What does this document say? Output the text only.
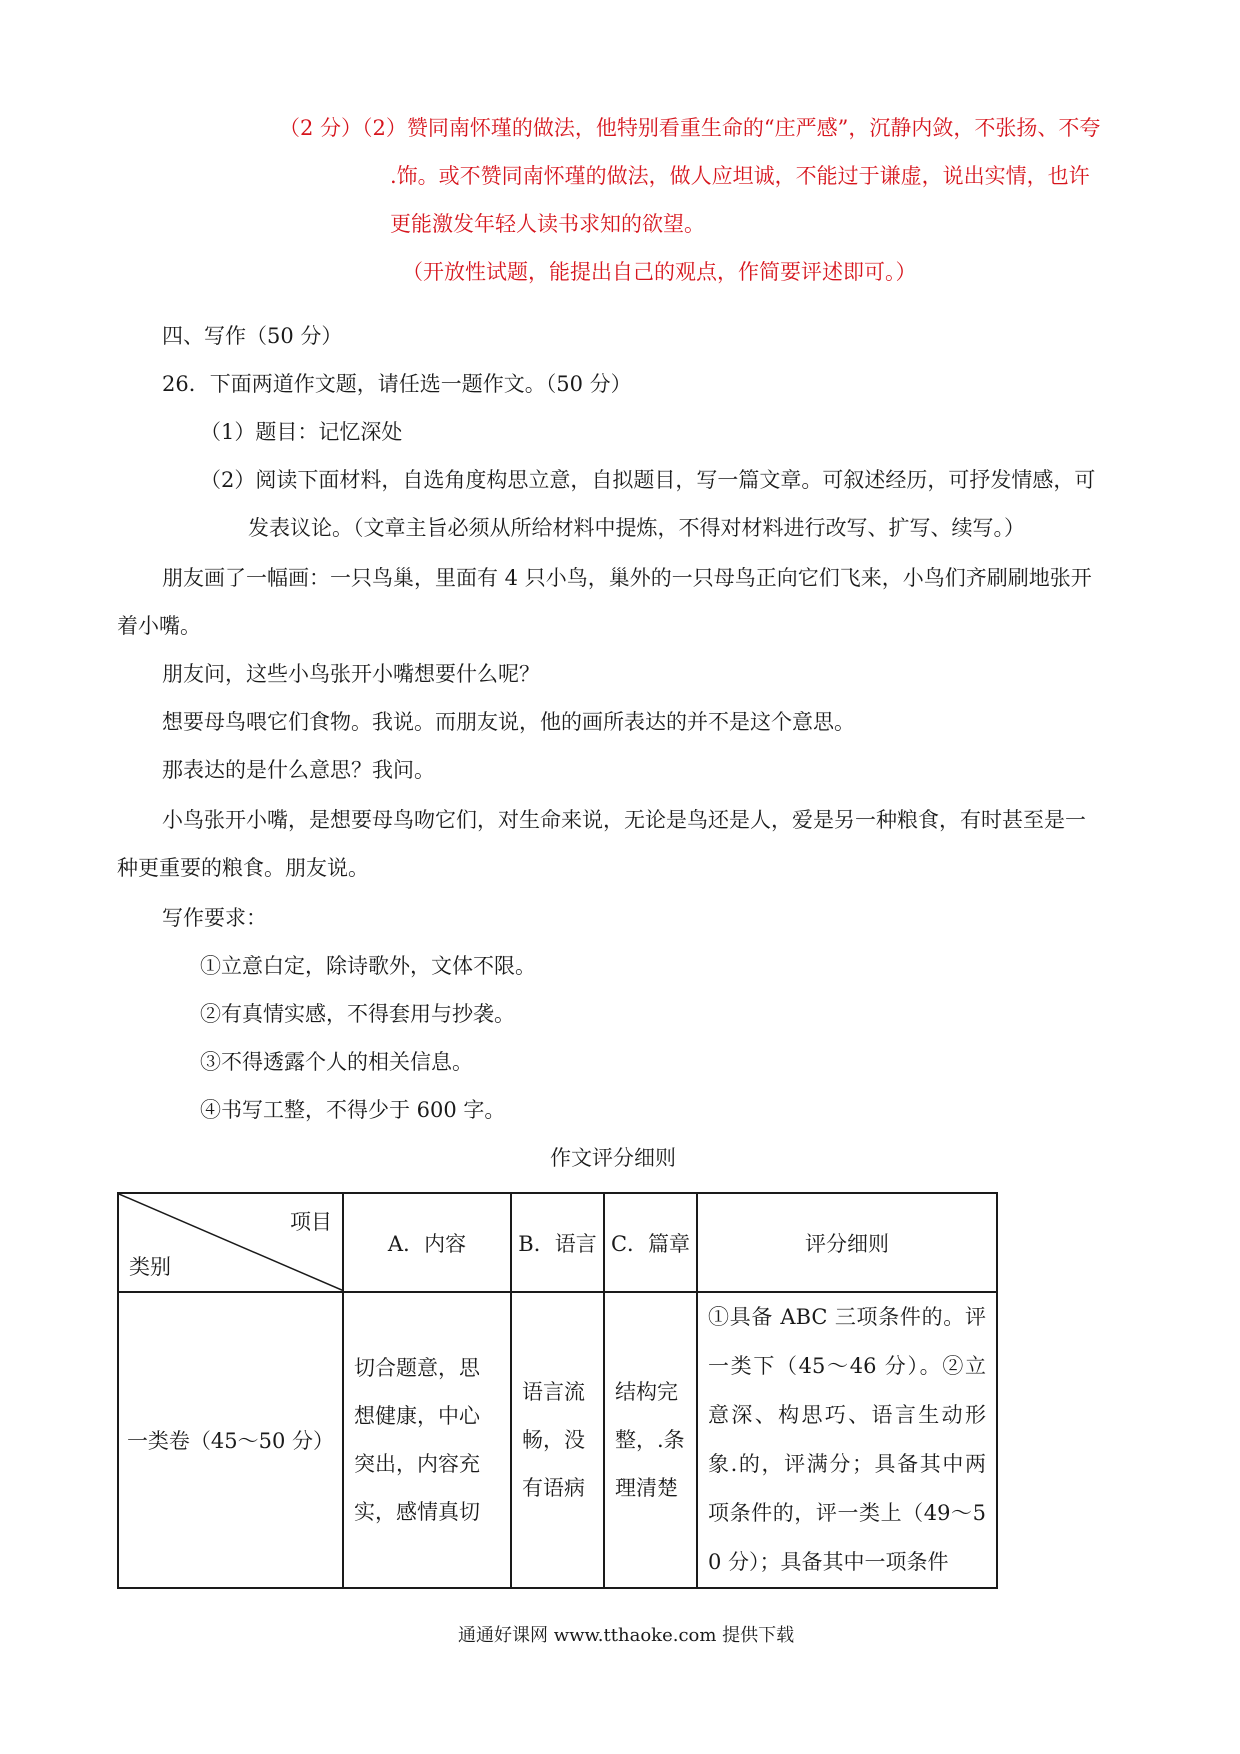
（2 分）（2）赞同南怀瑾的做法，他特别看重生命的“庄严感”，沉静内敛，不张扬、不夸
.饰。或不赞同南怀瑾的做法，做人应坦诚，不能过于谦虚，说出实情，也许
更能激发年轻人读书求知的欲望。
（开放性试题，能提出自己的观点，作简要评述即可。）
四、写作（50 分）
26．下面两道作文题，请任选一题作文。（50 分）
（1）题目：记忆深处
（2）阅读下面材料，自选角度构思立意，自拟题目，写一篇文章。可叙述经历，可抒发情感，可
发表议论。（文章主旨必须从所给材料中提炼，不得对材料进行改写、扩写、续写。）
朋友画了一幅画：一只鸟巢，里面有 4 只小鸟，巢外的一只母鸟正向它们飞来，小鸟们齐刷刷地张开
着小嘴。
朋友问，这些小鸟张开小嘴想要什么呢？
想要母鸟喂它们食物。我说。而朋友说，他的画所表达的并不是这个意思。
那表达的是什么意思？我问。
小鸟张开小嘴，是想要母鸟吻它们，对生命来说，无论是鸟还是人，爱是另一种粮食，有时甚至是一
种更重要的粮食。朋友说。
写作要求：
①立意白定，除诗歌外，文体不限。
②有真情实感，不得套用与抄袭。
③不得透露个人的相关信息。
④书写工整，不得少于 600 字。
作文评分细则
项目
类别	A．内容	B．语言	C．篇章	评分细则
一类卷（45～50 分）	切合题意，思想健康，中心突出，内容充实，感情真切	语言流畅，没有语病	结构完整，.条理清楚	①具备 ABC 三项条件的。评一类下（45～46 分）。②立意深、构思巧、语言生动形象.的，评满分；具备其中两项条件的，评一类上（49～50 分）；具备其中一项条件
通通好课网 www.tthaoke.com 提供下载
